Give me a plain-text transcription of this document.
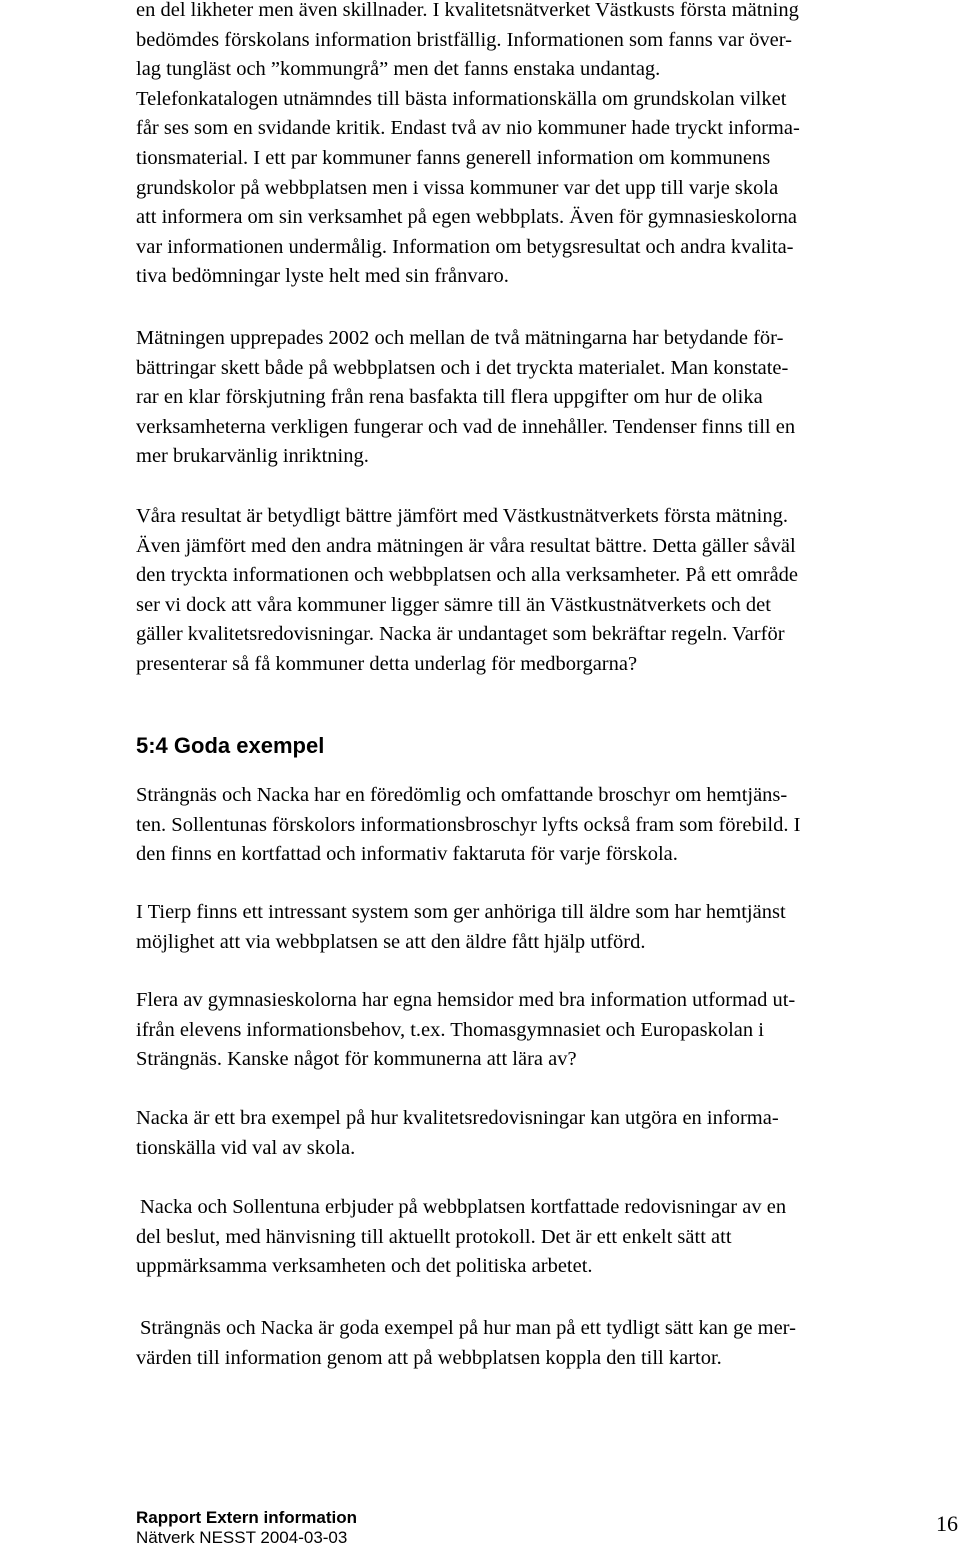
en del likheter men även skillnader. I kvalitetsnätverket Västkusts första mätning
bedömdes förskolans information bristfällig. Informationen som fanns var över-
lag tungläst och ”kommungrå” men det fanns enstaka undantag.
Telefonkatalogen utnämndes till bästa informationskälla om grundskolan vilket
får ses som en svidande kritik. Endast två av nio kommuner hade tryckt informa-
tionsmaterial. I ett par kommuner fanns generell information om kommunens
grundskolor på webbplatsen men i vissa kommuner var det upp till varje skola
att informera om sin verksamhet på egen webbplats. Även för gymnasieskolorna
var informationen undermålig. Information om betygsresultat och andra kvalita-
tiva bedömningar lyste helt med sin frånvaro.

Mätningen upprepades 2002 och mellan de två mätningarna har betydande för-
bättringar skett både på webbplatsen och i det tryckta materialet. Man konstate-
rar en klar förskjutning från rena basfakta till flera uppgifter om hur de olika
verksamheterna verkligen fungerar och vad de innehåller. Tendenser finns till en
mer brukarvänlig inriktning.

Våra resultat är betydligt bättre jämfört med Västkustnätverkets första mätning.
Även jämfört med den andra mätningen är våra resultat bättre. Detta gäller såväl
den tryckta informationen och webbplatsen och alla verksamheter. På ett område
ser vi dock att våra kommuner ligger sämre till än Västkustnätverkets och det
gäller kvalitetsredovisningar. Nacka är undantaget som bekräftar regeln. Varför
presenterar så få kommuner detta underlag för medborgarna?

5:4 Goda exempel

Strängnäs och Nacka har en föredömlig och omfattande broschyr om hemtjäns-
ten. Sollentunas förskolors informationsbroschyr lyfts också fram som förebild. I
den finns en kortfattad och informativ faktaruta för varje förskola.

I Tierp finns ett intressant system som ger anhöriga till äldre som har hemtjänst
möjlighet att via webbplatsen se att den äldre fått hjälp utförd.

Flera av gymnasieskolorna har egna hemsidor med bra information utformad ut-
ifrån elevens informationsbehov, t.ex. Thomasgymnasiet och Europaskolan i
Strängnäs. Kanske något för kommunerna att lära av?

Nacka är ett bra exempel på hur kvalitetsredovisningar kan utgöra en informa-
tionskälla vid val av skola.

Nacka och Sollentuna erbjuder på webbplatsen kortfattade redovisningar av en
del beslut, med hänvisning till aktuellt protokoll. Det är ett enkelt sätt att
uppmärksamma verksamheten och det politiska arbetet.

Strängnäs och Nacka är goda exempel på hur man på ett tydligt sätt kan ge mer-
värden till information genom att på webbplatsen koppla den till kartor.

Rapport Extern information
Nätverk NESST 2004-03-03
16
